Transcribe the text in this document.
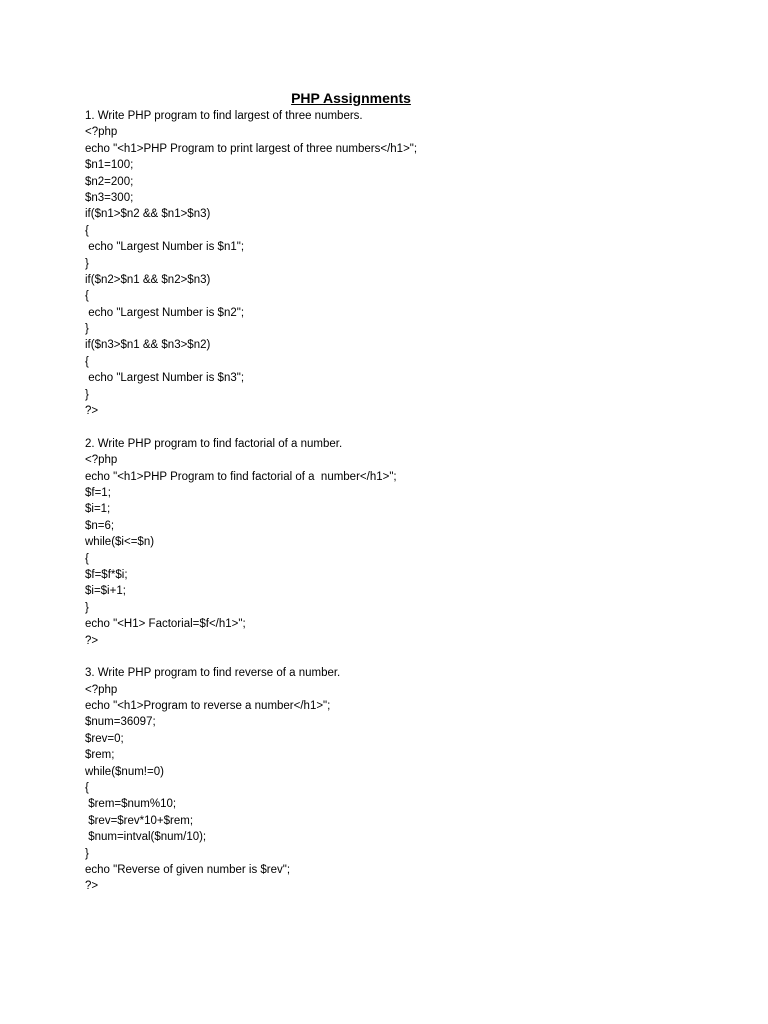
PHP Assignments
1. Write PHP program to find largest of three numbers.
<?php
echo "<h1>PHP Program to print largest of three numbers</h1>";
$n1=100;
$n2=200;
$n3=300;
if($n1>$n2 && $n1>$n3)
{
echo "Largest Number is $n1";
}
if($n2>$n1 && $n2>$n3)
{
echo "Largest Number is $n2";
}
if($n3>$n1 && $n3>$n2)
{
echo "Largest Number is $n3";
}
?>
2. Write PHP program to find factorial of a number.
<?php
echo "<h1>PHP Program to find factorial of a  number</h1>";
$f=1;
$i=1;
$n=6;
while($i<=$n)
{
$f=$f*$i;
$i=$i+1;
}
echo "<H1> Factorial=$f</h1>";
?>
3. Write PHP program to find reverse of a number.
<?php
echo "<h1>Program to reverse a number</h1>";
$num=36097;
$rev=0;
$rem;
while($num!=0)
{
$rem=$num%10;
$rev=$rev*10+$rem;
$num=intval($num/10);
}
echo "Reverse of given number is $rev";
?>
